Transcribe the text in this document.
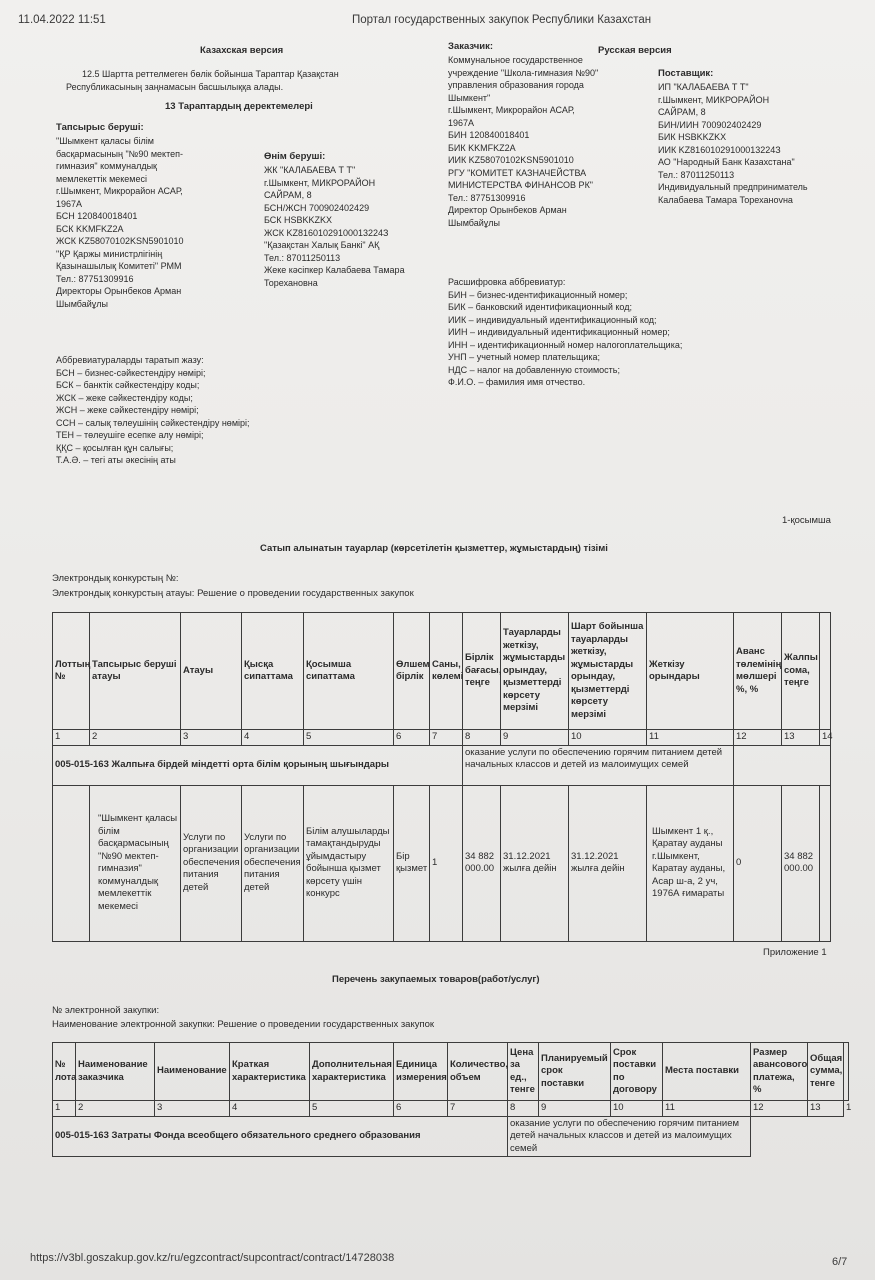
11.04.2022 11:51	Портал государственных закупок Республики Казахстан
Казахская версия
12.5 Шартта реттелмеген бөлік бойынша Тараптар Қазақстан
Республикасының заңнамасын басшылыққа алады.
13 Тараптардың деректемелері
Тапсырыс беруші:
"Шымкент қаласы білім
басқармасының "№90 мектеп-
гимназия" коммуналдық
мемлекеттік мекемесі
г.Шымкент, Микрорайон АСАР,
1967А
БСН 120840018401
БСК KKMFKZ2A
ЖСК KZ58070102KSN5901010
"ҚР Қаржы министрлігінің
Қазынашылық Комитеті" РММ
Тел.: 87751309916
Директоры Орынбеков Арман
Шымбайұлы
Өнім беруші:
ЖК "КАЛАБАЕВА Т Т"
г.Шымкент, МИКРОРАЙОН
САЙРАМ, 8
БСН/ЖСН 700902402429
БСК HSBKKZKX
ЖСК KZ81601029100013224З
"Қазақстан Халық Банкі" АҚ
Тел.: 87011250113
Жеке кәсіпкер Калабаева Тамара
Торехановна
Аббревиатураларды таратып жазу:
БСН – бизнес-сәйкестендіру нөмірі;
БСК – банктік сәйкестендіру коды;
ЖСК – жеке сәйкестендіру коды;
ЖСН – жеке сәйкестендіру нөмірі;
ССН – салық төлеушінің сәйкестендіру нөмірі;
ТЕН – төлеушіге есепке алу нөмірі;
ҚҚС – қосылған құн салығы;
Т.А.Ә. – тегі аты әкесінің аты
Заказчик:	Русская версия
Коммунальное государственное
учреждение "Школа-гимназия №90"
управления образования города
Шымкент"
г.Шымкент, Микрорайон АСАР,
1967А
БИН 120840018401
БИК KKMFKZ2A
ИИК KZ58070102KSN5901010
РГУ "КОМИТЕТ КАЗНАЧЕЙСТВА
МИНИСТЕРСТВА ФИНАНСОВ РК"
Тел.: 87751309916
Директор Орынбеков Арман
Шымбайұлы
Поставщик:
ИП "КАЛАБАЕВА Т Т"
г.Шымкент, МИКРОРАЙОН
САЙРАМ, 8
БИН/ИИН 700902402429
БИК HSBKKZKX
ИИК KZ81601029100013224З
АО "Народный Банк Казахстана"
Тел.: 87011250113
Индивидуальный предприниматель
Калабаева Тамара Тореханоvна
Расшифровка аббревиатур:
БИН – бизнес-идентификационный номер;
БИК – банковский идентификационный код;
ИИК – индивидуальный идентификационный код;
ИИН – индивидуальный идентификационный номер;
ИНН – идентификационный номер налогоплательщика;
УНП – учетный номер плательщика;
НДС – налог на добавленную стоимость;
Ф.И.О. – фамилия имя отчество.
1-қосымша
Сатып алынатын тауарлар (көрсетілетін қызметтер, жұмыстардың) тізімі
Электрондық конкурстың №:
Электрондық конкурстың атауы: Решение о проведении государственных закупок
Лоттың №	Тапсырыс беруші атауы	Атауы	Қысқа сипаттама	Қосымша сипаттама	Өлшем бірлік	Саны, көлемі	Бірлік бағасы, теңге	Тауарларды жеткізу, жұмыстарды орындау, қызметтерді көрсету мерзімі	Шарт бойынша тауарларды жеткізу, жұмыстарды орындау, қызметтерді көрсету мерзімі	Жеткізу орындары	Аванс төлемінің мөлшері %, %	Жалпы сома, теңге	
1	2	3	4	5	6	7	8	9	10	11	12	13	14
005-015-163 Жалпыға бірдей міндетті орта білім қорының шығындары							оказание услуги по обеспечению горячим питанием детей начальных классов и детей из малоимущих семей						
	"Шымкент қаласы білім басқармасының "№90 мектеп-гимназия" коммуналдық мемлекеттік мекемесі	Услуги по организации обеспечения питания детей	Услуги по организации обеспечения питания детей	Білім алушыларды тамақтандыруды ұйымдастыру бойынша қызмет көрсету үшін конкурс	Бір қызмет	1	34 882 000.00	31.12.2021 жылға дейін	31.12.2021 жылға дейін	Шымкент 1 қ., Қаратау ауданы г.Шымкент, Каратау ауданы, Асар ш-а, 2 уч, 1976А ғимараты	0	34 882 000.00	
Приложение 1
Перечень закупаемых товаров(работ/услуг)
№ электронной закупки:
Наименование электронной закупки: Решение о проведении государственных закупок
№ лота	Наименование заказчика	Наименование	Краткая характеристика	Дополнительная характеристика	Единица измерения	Количество, объем	Цена за ед., тенге	Планируемый срок поставки	Срок поставки по договору	Места поставки	Размер авансового платежа, %	Общая сумма, тенге	
1	2	3	4	5	6	7	8	9	10	11	12	13	1
005-015-163 Затраты Фонда всеобщего обязательного среднего образования							оказание услуги по обеспечению горячим питанием детей начальных классов и детей из малоимущих семей						
https://v3bl.goszakup.gov.kz/ru/egzcontract/supcontract/contract/14728038	6/7
